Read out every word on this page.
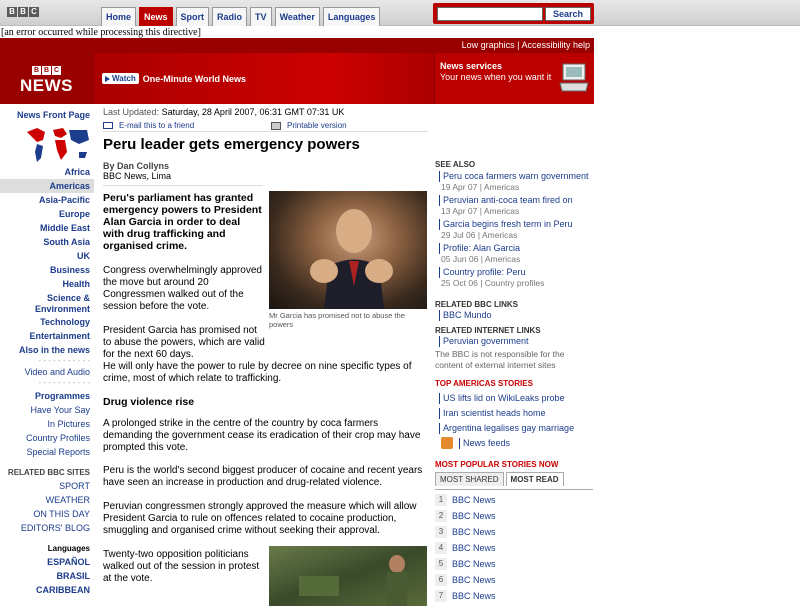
B B C
Home	News	Sport	Radio	TV	Weather	Languages	Search
[an error occurred while processing this directive]
Low graphics | Accessibility help
B B C
NEWS	Watch One-Minute World News
News services
Your news when you want it
News Front Page
Africa
Americas
Asia-Pacific
Europe
Middle East
South Asia
UK
Business
Health
Science & Environment
Technology
Entertainment
Also in the news
- - - - - - - - - - -
Video and Audio
- - - - - - - - - - -
Programmes
Have Your Say
In Pictures
Country Profiles
Special Reports
RELATED BBC SITES
SPORT
WEATHER
ON THIS DAY
EDITORS' BLOG
Languages
ESPAÑOL
BRASIL
CARIBBEAN
Last Updated: Saturday, 28 April 2007, 06:31 GMT 07:31 UK
E-mail this to a friend	Printable version
Peru leader gets emergency powers
By Dan Collyns
BBC News, Lima

Peru's parliament has granted emergency powers to President Alan Garcia in order to deal with drug trafficking and organised crime.

Mr Garcia has promised not to abuse the powers

Congress overwhelmingly approved the move but around 20 Congressmen walked out of the session before the vote.

President Garcia has promised not to abuse the powers, which are valid for the next 60 days.

He will only have the power to rule by decree on nine specific types of crime, most of which relate to trafficking.

Drug violence rise

A prolonged strike in the centre of the country by coca farmers demanding the government cease its eradication of their crop may have prompted this vote.

Peru is the world's second biggest producer of cocaine and recent years have seen an increase in production and drug-related violence.

Peruvian congressmen strongly approved the measure which will allow President Garcia to rule on offences related to cocaine production, smuggling and organised crime without seeking their approval.

Twenty-two opposition politicians walked out of the session in protest at the vote.

SEE ALSO
Peru coca farmers warn government
19 Apr 07 | Americas
Peruvian anti-coca team fired on
13 Apr 07 | Americas
Garcia begins fresh term in Peru
29 Jul 06 | Americas
Profile: Alan Garcia
05 Jun 06 | Americas
Country profile: Peru
25 Oct 06 | Country profiles
RELATED BBC LINKS
BBC Mundo
RELATED INTERNET LINKS
Peruvian government
The BBC is not responsible for the content of external internet sites
TOP AMERICAS STORIES
US lifts lid on WikiLeaks probe
Iran scientist heads home
Argentina legalises gay marriage
News feeds
MOST POPULAR STORIES NOW
MOST SHARED	MOST READ
1 BBC News
2 BBC News
3 BBC News
4 BBC News
5 BBC News
6 BBC News
7 BBC News
